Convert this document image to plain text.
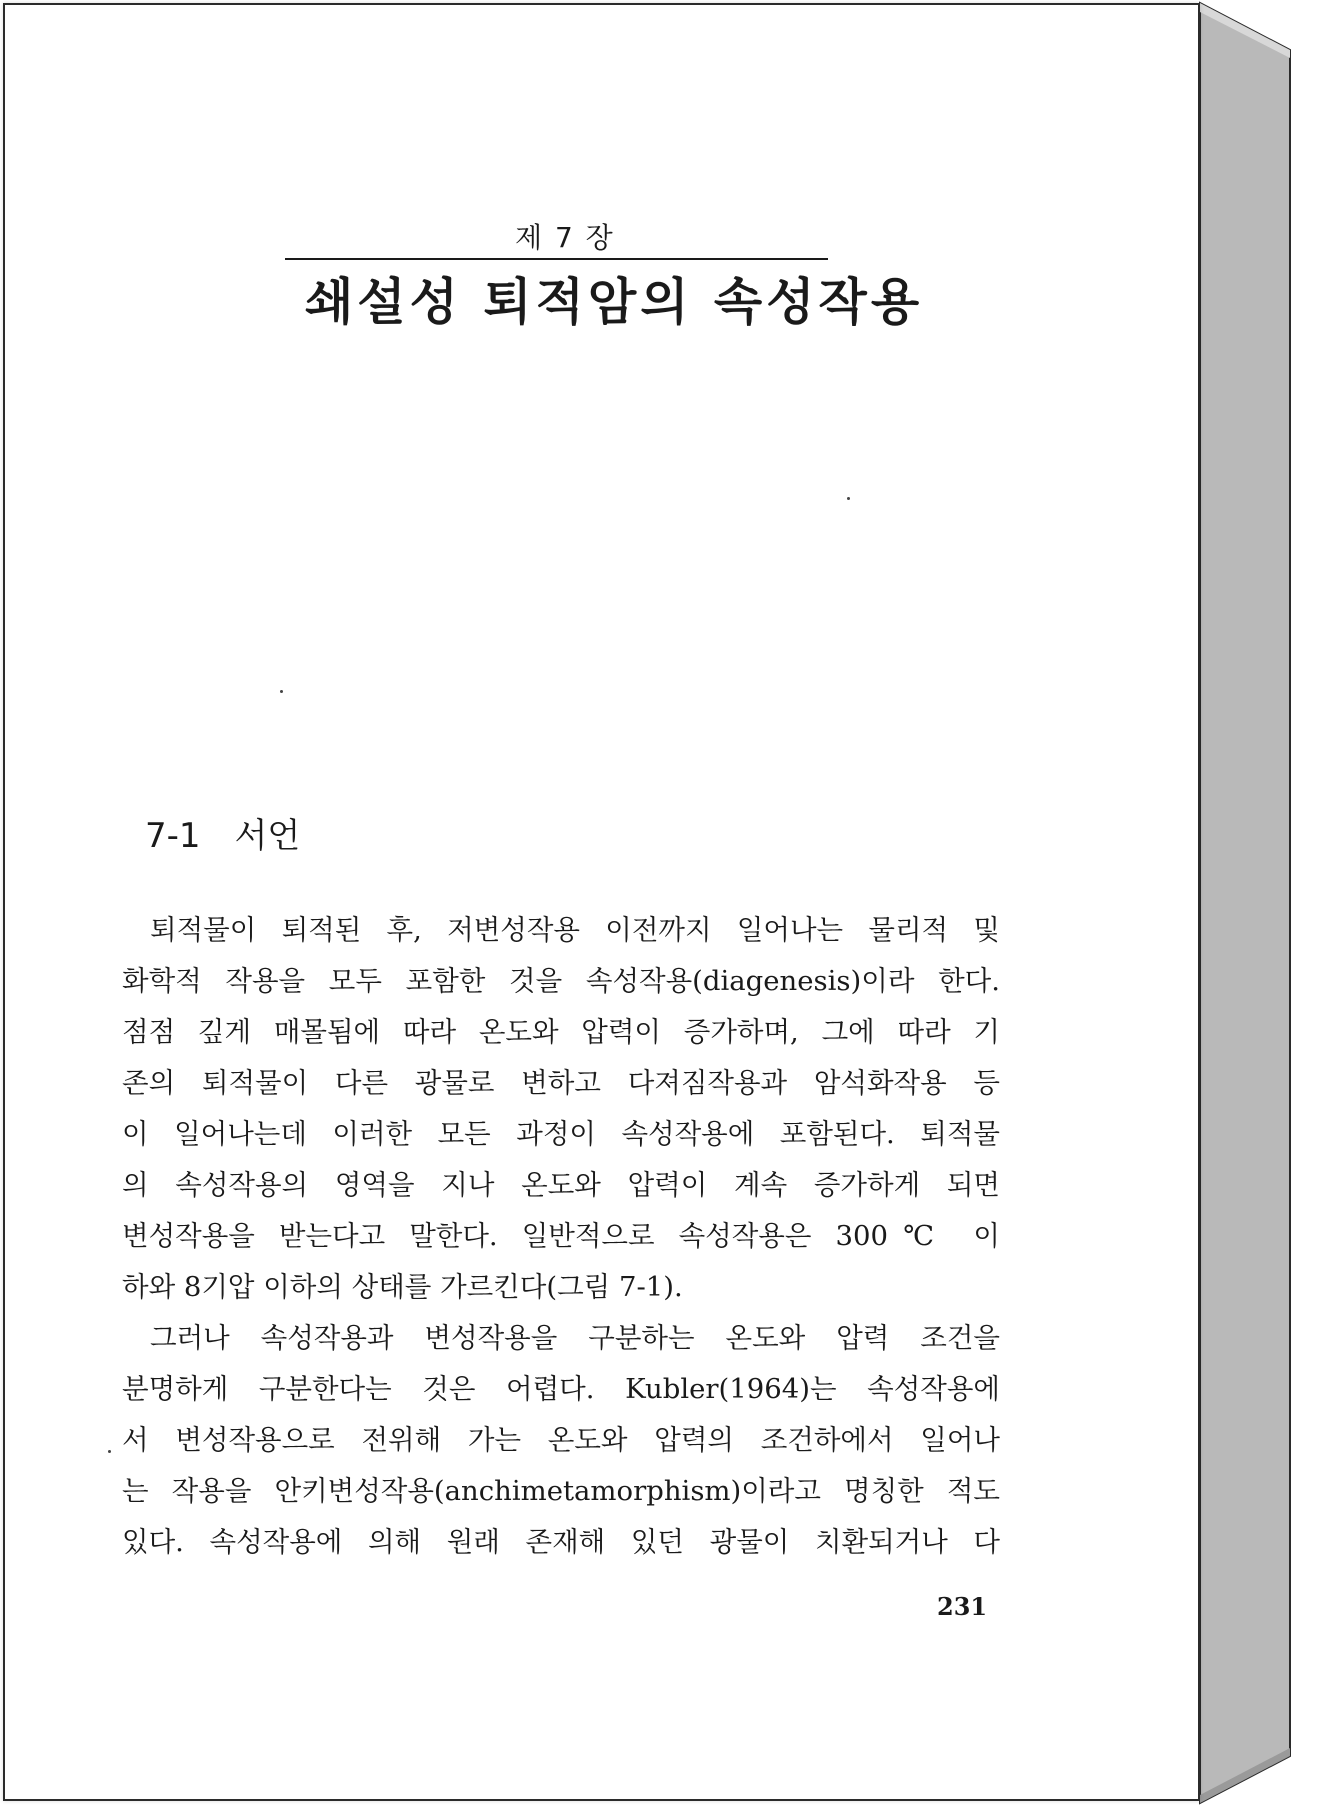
제 7 장
쇄설성 퇴적암의 속성작용
7-1 서언
퇴적물이 퇴적된 후, 저변성작용 이전까지 일어나는 물리적 및
화학적 작용을 모두 포함한 것을 속성작용(diagenesis)이라 한다.
점점 깊게 매몰됨에 따라 온도와 압력이 증가하며, 그에 따라 기
존의 퇴적물이 다른 광물로 변하고 다져짐작용과 암석화작용 등
이 일어나는데 이러한 모든 과정이 속성작용에 포함된다. 퇴적물
의 속성작용의 영역을 지나 온도와 압력이 계속 증가하게 되면
변성작용을 받는다고 말한다. 일반적으로 속성작용은 300℃ 이
하와 8기압 이하의 상태를 가르킨다(그림 7-1).
그러나 속성작용과 변성작용을 구분하는 온도와 압력 조건을
분명하게 구분한다는 것은 어렵다. Kubler(1964)는 속성작용에
서 변성작용으로 전위해 가는 온도와 압력의 조건하에서 일어나
는 작용을 안키변성작용(anchimetamorphism)이라고 명칭한 적도
있다. 속성작용에 의해 원래 존재해 있던 광물이 치환되거나 다
231
